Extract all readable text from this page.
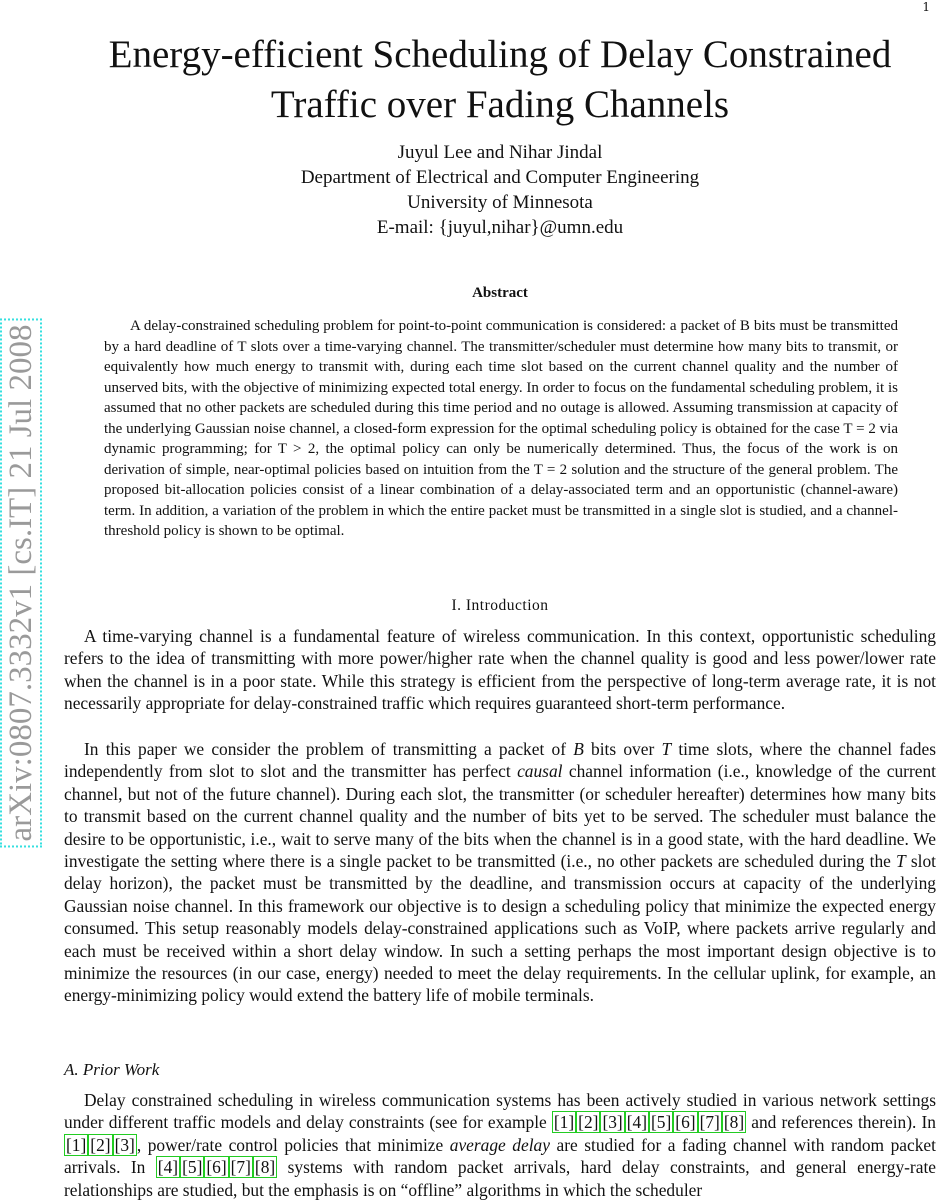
1
arXiv:0807.3332v1 [cs.IT] 21 Jul 2008
Energy-efficient Scheduling of Delay Constrained
Traffic over Fading Channels
Juyul Lee and Nihar Jindal
Department of Electrical and Computer Engineering
University of Minnesota
E-mail: {juyul,nihar}@umn.edu
Abstract

A delay-constrained scheduling problem for point-to-point communication is considered: a packet of B bits must be transmitted by a hard deadline of T slots over a time-varying channel. The transmitter/scheduler must determine how many bits to transmit, or equivalently how much energy to transmit with, during each time slot based on the current channel quality and the number of unserved bits, with the objective of minimizing expected total energy. In order to focus on the fundamental scheduling problem, it is assumed that no other packets are scheduled during this time period and no outage is allowed. Assuming transmission at capacity of the underlying Gaussian noise channel, a closed-form expression for the optimal scheduling policy is obtained for the case T = 2 via dynamic programming; for T > 2, the optimal policy can only be numerically determined. Thus, the focus of the work is on derivation of simple, near-optimal policies based on intuition from the T = 2 solution and the structure of the general problem. The proposed bit-allocation policies consist of a linear combination of a delay-associated term and an opportunistic (channel-aware) term. In addition, a variation of the problem in which the entire packet must be transmitted in a single slot is studied, and a channel-threshold policy is shown to be optimal.

I. Introduction

A time-varying channel is a fundamental feature of wireless communication. In this context, opportunistic scheduling refers to the idea of transmitting with more power/higher rate when the channel quality is good and less power/lower rate when the channel is in a poor state. While this strategy is efficient from the perspective of long-term average rate, it is not necessarily appropriate for delay-constrained traffic which requires guaranteed short-term performance.

In this paper we consider the problem of transmitting a packet of B bits over T time slots, where the channel fades independently from slot to slot and the transmitter has perfect causal channel information (i.e., knowledge of the current channel, but not of the future channel). During each slot, the transmitter (or scheduler hereafter) determines how many bits to transmit based on the current channel quality and the number of bits yet to be served. The scheduler must balance the desire to be opportunistic, i.e., wait to serve many of the bits when the channel is in a good state, with the hard deadline. We investigate the setting where there is a single packet to be transmitted (i.e., no other packets are scheduled during the T slot delay horizon), the packet must be transmitted by the deadline, and transmission occurs at capacity of the underlying Gaussian noise channel. In this framework our objective is to design a scheduling policy that minimize the expected energy consumed. This setup reasonably models delay-constrained applications such as VoIP, where packets arrive regularly and each must be received within a short delay window. In such a setting perhaps the most important design objective is to minimize the resources (in our case, energy) needed to meet the delay requirements. In the cellular uplink, for example, an energy-minimizing policy would extend the battery life of mobile terminals.

A. Prior Work

Delay constrained scheduling in wireless communication systems has been actively studied in various network settings under different traffic models and delay constraints (see for example [1] [2] [3] [4] [5] [6] [7] [8] and references therein). In [1] [2] [3] , power/rate control policies that minimize average delay are studied for a fading channel with random packet arrivals. In [4] [5] [6] [7] [8] systems with random packet arrivals, hard delay constraints, and general energy-rate relationships are studied, but the emphasis is on “offline” algorithms in which the scheduler
